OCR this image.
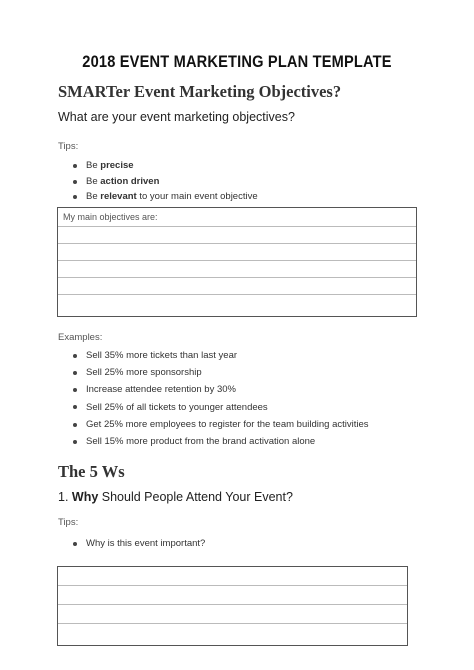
2018 EVENT MARKETING PLAN TEMPLATE
SMARTer Event Marketing Objectives?
What are your event marketing objectives?
Tips:
Be precise
Be action driven
Be relevant to your main event objective
My main objectives are:
Examples:
Sell 35% more tickets than last year
Sell 25% more sponsorship
Increase attendee retention by 30%
Sell 25% of all tickets to younger attendees
Get 25% more employees to register for the team building activities
Sell 15% more product from the brand activation alone
The 5 Ws
1. Why Should People Attend Your Event?
Tips:
Why is this event important?
